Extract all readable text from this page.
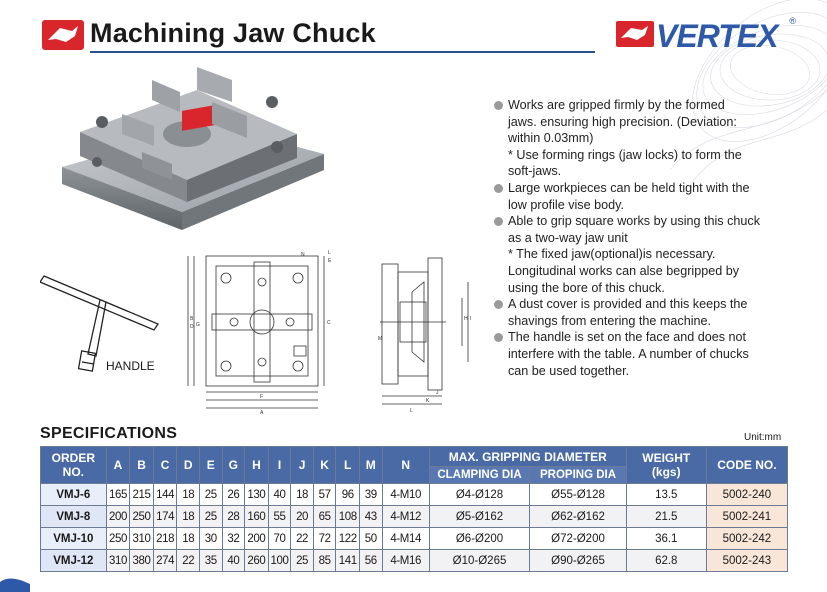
Machining Jaw Chuck	VERTEX ®
HANDLE
N	L
E
B
D G	C
F
A
M
H I
J
K
L
Works are gripped firmly by the formed

jaws. ensuring high precision. (Deviation:
within 0.03mm)
* Use forming rings (jaw locks) to form the
soft-jaws.
Large workpieces can be held tight with the

low profile vise body.
Able to grip square works by using this chuck

as a two-way jaw unit
* The fixed jaw(optional)is necessary.
Longitudinal works can alse begripped by
using the bore of this chuck.
A dust cover is provided and this keeps the

shavings from entering the machine.
The handle is set on the face and does not

interfere with the table. A number of chucks
can be used together.
SPECIFICATIONS	Unit:mm
ORDER
NO.	A	B	C	D	E	G	H	I	J	K	L	M	N	MAX. GRIPPING DIAMETER		WEIGHT
(kgs)	CODE NO.
														CLAMPING DIA	PROPING DIA		
VMJ-6	165	215	144	18	25	26	130	40	18	57	96	39	4-M10	Ø4-Ø128	Ø55-Ø128	13.5	5002-240
VMJ-8	200	250	174	18	25	28	160	55	20	65	108	43	4-M12	Ø5-Ø162	Ø62-Ø162	21.5	5002-241
VMJ-10	250	310	218	18	30	32	200	70	22	72	122	50	4-M14	Ø6-Ø200	Ø72-Ø200	36.1	5002-242
VMJ-12	310	380	274	22	35	40	260	100	25	85	141	56	4-M16	Ø10-Ø265	Ø90-Ø265	62.8	5002-243
